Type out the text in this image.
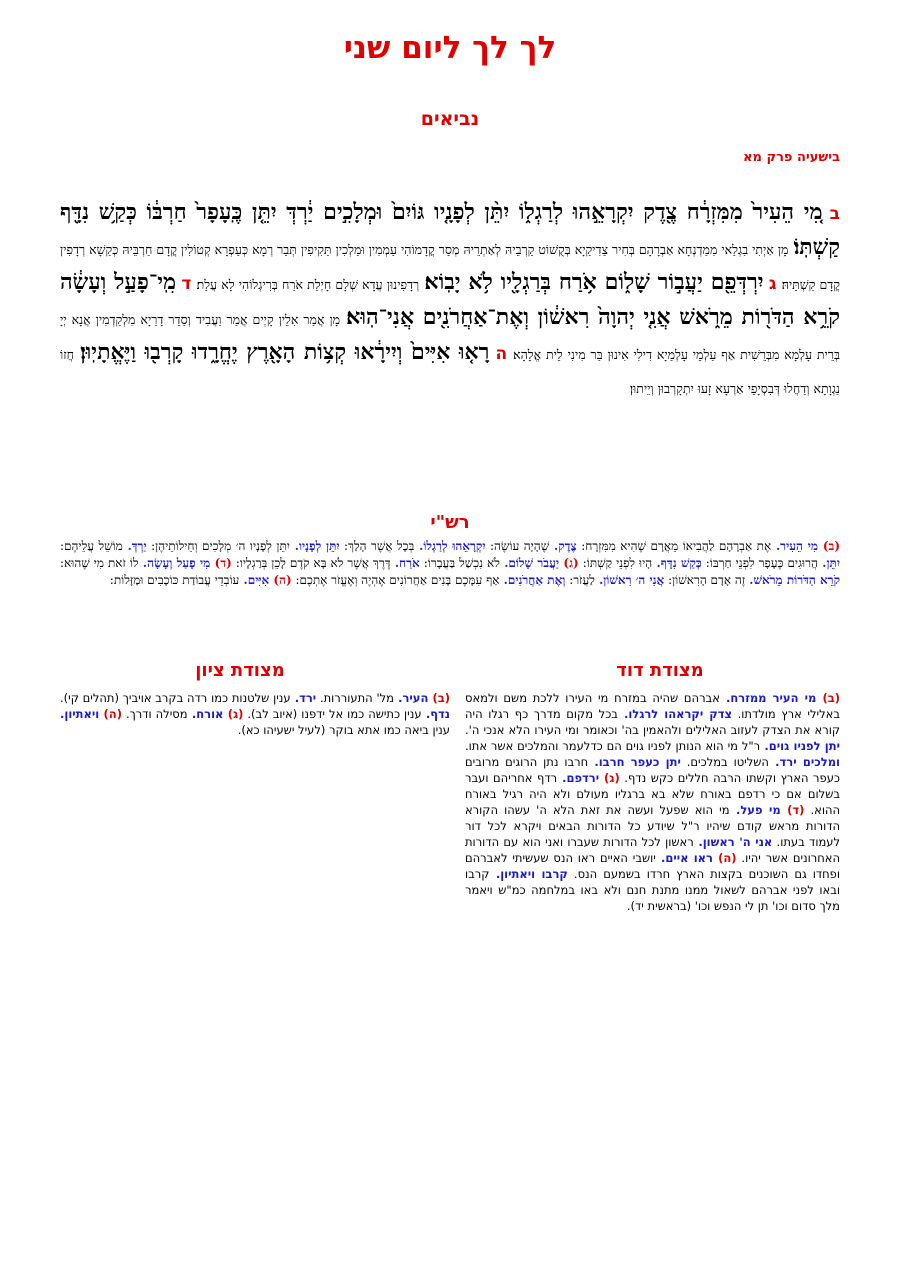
לך לך ליום שני
נביאים
בישעיה פרק מא
ב מִ֚י הֵעִיר֙ מִמִּזְרָ֔ח צֶ֖דֶק יִקְרָאֵ֣הוּ לְרַגְל֑וֹ יִתֵּ֨ן לְפָנָ֤יו גּוֹיִם֙ וּמְלָכִ֣ים יַ֔רְדְּ יִתֵּ֤ן כֶּֽעָפָר֙ חַרְבּ֔וֹ כְּקַ֥שׁ נִדָּ֖ף קַשְׁתּֽוֹ׃ מָן אַיְתִי בִגְלַאי מִמַדְנְחָא אַבְרָהָם בְּחִיר צַדִיקַיָא בְּקֻשׁוֹט קַרְבֵיהּ לְאַתְרֵיהּ מְסַר קֳדָמוֹהִי עַמְמִין וּמַלְכִין תַּקִיפִין תְּבַר רְמָא כְּעַפְרָא קְטוֹלִין קֳדָם חַרְבֵּיהּ כְּקַשָׁא רְדָפִין קֳדָם קַשְׁתֵּיהּ׃ ג יִרְדְּפֵ֖ם יַעֲב֣וֹר שָׁל֑וֹם אֹ֥רַח בְּרַגְלָ֖יו לֹ֥א יָבֽוֹא׃ רְדָפִינוּן עֲדָא שְׁלָם חָיְלַת אֹרַח בְּרִיגְלוֹהִי לָא עֲלַת׃ ד מִֽי־פָעַ֣ל וְעָשָׂ֔ה קֹרֵ֥א הַדֹּר֖וֹת מֵרֹ֑אשׁ אֲנִ֤י יְהוָה֙ רִאשׁ֔וֹן וְאֶת־אַחֲרֹנִ֖ים אֲנִי־הֽוּא׃ מָן אֲמַר אִלֵין קָיְים אֲמַר וַעֲבִיד וְסַדֵר דָרַיָא מִלְקַדְמִין אֲנָא יְיָ בְּרֵית עָלְמָא מִבְּרֵשִׁית אַף עַלְמֵי עָלְמַיָא דִילִי אִינוּן בַּר מִינִי לֵית אֱלָהָא׃ ה רָא֤וּ אִיִּים֙ וְיִירָ֔אוּ קְצ֥וֹת הָאָ֖רֶץ יֶחֱרָ֑דוּ קָרְב֖וּ וַיֶּאֱתָיֽוּן׃ חֲזוֹ נַגְוָתָא וְדַחֲלוּ דְּבִסְיָפֵי אַרְעָא זָעוּ יִתְקָרְבוּן וְיֵיתוּן׃
רש"י
(ב) מִי הֵעִיר. אֶת אַבְרָהָם לַהֲבִיאוֹ מֵאֲרָם שֶׁהִיא מִמִּזְרָח: צֶדֶק. שֶׁהָיָה עוֹשֶׂה: יִקְרָאֵהוּ לְרַגְלוֹ. בְּכָל אֲשֶׁר הָלַךְ: יִתֵּן לְפָנָיו. יִתֵּן לְפָנָיו ה׳ מְלָכִים וְחֵילוֹתֵיהֶן: יַרְדְּ. מוֹשֵׁל עֲלֵיהֶם: יִתֵּן. הֲרוּגִים כֶּעָפָר לִפְנֵי חַרְבּוֹ: כְּקַשׁ נִדָּף. הָיוּ לִפְנֵי קַשְׁתּוֹ: (ג) יַעֲבֹר שָׁלוֹם. לֹא נִכְשַׁל בַּעֲבָרוֹ: אֹרַח. דֶּרֶךְ אֲשֶׁר לֹא בָּא קֹדֶם לָכֵן בְּרַגְלָיו: (ד) מִי פָעַל וְעָשָׂה. לוֹ זֹאת מִי שֶׁהוּא: קֹרֵא הַדֹּרוֹת מֵרֹאשׁ. זֶה אָדָם הָרִאשׁוֹן: אֲנִי ה׳ רִאשׁוֹן. לַעֲזֹר: וְאֶת אַחֲרֹנִים. אַף עִמָּכֶם בָּנִים אַחֲרוֹנִים אֶהְיֶה וְאֶעֱזֹר אֶתְכֶם: (ה) אִיִּים. עוֹבְדֵי עֲבוֹדַת כּוֹכָבִים וּמַזָּלוֹת:
מצודת דוד
מצודת ציון
(ב) מי העיר ממזרח. אברהם שהיה במזרח מי העירו ללכת משם ולמאס באלילי ארץ מולדתו. צדק יקראהו לרגלו. בכל מקום מדרך כף רגלו היה קורא את הצדק לעזוב האלילים ולהאמין בה' וכאומר ומי העירו הלא אנכי ה'. יתן לפניו גוים. ר"ל מי הוא הנותן לפניו גוים הם כדלעמר והמלכים אשר אתו. ומלכים ירד. השליטו במלכים. יתן כעפר חרבו. חרבו נתן הרוגים מרובים כעפר הארץ וקשתו הרבה חללים כקש נדף. (ג) ירדפם. רדף אחריהם ועבר בשלום אם כי רדפם באורח שלא בא ברגליו מעולם ולא היה רגיל באורח ההוא. (ד) מי פעל. מי הוא שפעל ועשה את זאת הלא ה' עשהו הקורא הדורות מראש קודם שיהיו ר"ל שיודע כל הדורות הבאים ויקרא לכל דור לעמוד בעתו. אני ה' ראשון. ראשון לכל הדורות שעברו ואני הוא עם הדורות האחרונים אשר יהיו. (ה) ראו איים. יושבי האיים ראו הנס שעשיתי לאברהם ופחדו גם השוכנים בקצות הארץ חרדו בשמעם הנס. קרבו ויאתיון. קרבו ובאו לפני אברהם לשאול ממנו מתנת חנם ולא באו במלחמה כמ"ש ויאמר מלך סדום וכו' תן לי הנפש וכו' (בראשית יד).
(ב) העיר. מל' התעוררות. ירד. ענין שלטנות כמו רדה בקרב אויביך (תהלים קי). נדף. ענין כתישה כמו אל ידפנו (איוב לב). (ג) אורח. מסילה ודרך. (ה) ויאתיון. ענין ביאה כמו אתא בוקר (לעיל ישעיהו כא).
